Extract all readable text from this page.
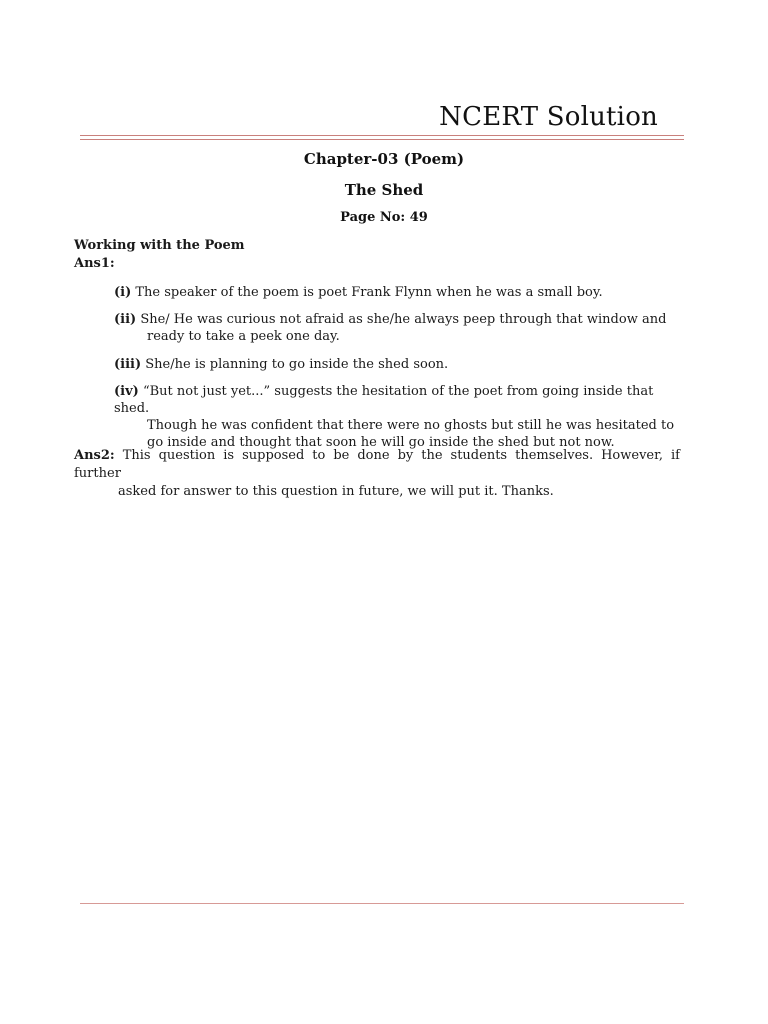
NCERT Solution
Chapter-03 (Poem)
The Shed
Page No: 49
Working with the Poem
Ans1:
(i) The speaker of the poem is poet Frank Flynn when he was a small boy.
(ii) She/ He was curious not afraid as she/he always peep through that window and
ready to take a peek one day.
(iii) She/he is planning to go inside the shed soon.
(iv) “But not just yet...” suggests the hesitation of the poet from going inside that shed.
Though he was confident that there were no ghosts but still he was hesitated to go inside and thought that soon he will go inside the shed but not now.
Ans2: This question is supposed to be done by the students themselves. However, if further
asked for answer to this question in future, we will put it. Thanks.
